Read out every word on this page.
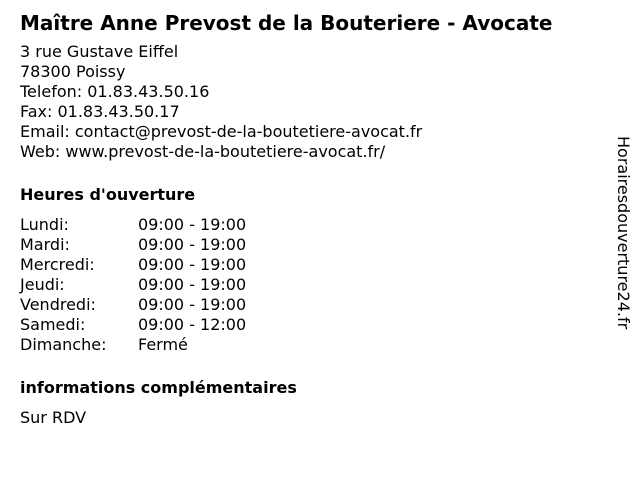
Maître Anne Prevost de la Bouteriere - Avocate
3 rue Gustave Eiffel
78300 Poissy
Telefon: 01.83.43.50.16
Fax: 01.83.43.50.17
Email: contact@prevost-de-la-boutetiere-avocat.fr
Web: www.prevost-de-la-boutetiere-avocat.fr/
Heures d'ouverture
Lundi:	09:00 - 19:00
Mardi:	09:00 - 19:00
Mercredi:	09:00 - 19:00
Jeudi:	09:00 - 19:00
Vendredi:	09:00 - 19:00
Samedi:	09:00 - 12:00
Dimanche:	Fermé
informations complémentaires
Sur RDV
Horairesdouverture24.fr
